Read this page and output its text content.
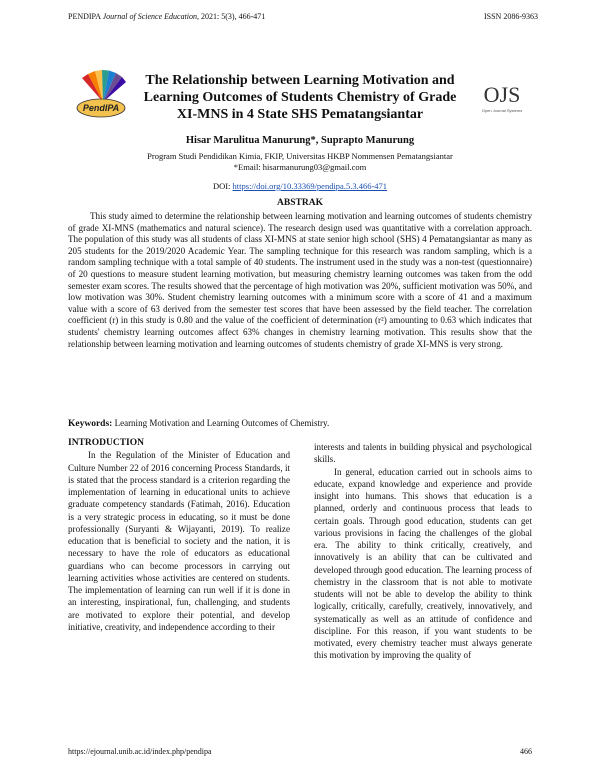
PENDIPA Journal of Science Education, 2021: 5(3), 466-471	ISSN 2086-9363
PendIPA
OJS
Open Journal Systems
The Relationship between Learning Motivation and Learning Outcomes of Students Chemistry of Grade XI-MNS in 4 State SHS Pematangsiantar
Hisar Marulitua Manurung*, Suprapto Manurung
Program Studi Pendidikan Kimia, FKIP, Universitas HKBP Nommensen Pematangsiantar
*Email: hisarmanurung03@gmail.com
DOI: https://doi.org/10.33369/pendipa.5.3.466-471
ABSTRAK

This study aimed to determine the relationship between learning motivation and learning outcomes of students chemistry of grade XI-MNS (mathematics and natural science). The research design used was quantitative with a correlation approach. The population of this study was all students of class XI-MNS at state senior high school (SHS) 4 Pematangsiantar as many as 205 students for the 2019/2020 Academic Year. The sampling technique for this research was random sampling, which is a random sampling technique with a total sample of 40 students. The instrument used in the study was a non-test (questionnaire) of 20 questions to measure student learning motivation, but measuring chemistry learning outcomes was taken from the odd semester exam scores. The results showed that the percentage of high motivation was 20%, sufficient motivation was 50%, and low motivation was 30%. Student chemistry learning outcomes with a minimum score with a score of 41 and a maximum value with a score of 63 derived from the semester test scores that have been assessed by the field teacher. The correlation coefficient (r) in this study is 0.80 and the value of the coefficient of determination (r²) amounting to 0.63 which indicates that students' chemistry learning outcomes affect 63% changes in chemistry learning motivation. This results show that the relationship between learning motivation and learning outcomes of students chemistry of grade XI-MNS is very strong.

Keywords: Learning Motivation and Learning Outcomes of Chemistry.

INTRODUCTION

In the Regulation of the Minister of Education and Culture Number 22 of 2016 concerning Process Standards, it is stated that the process standard is a criterion regarding the implementation of learning in educational units to achieve graduate competency standards (Fatimah, 2016). Education is a very strategic process in educating, so it must be done professionally (Suryanti & Wijayanti, 2019). To realize education that is beneficial to society and the nation, it is necessary to have the role of educators as educational guardians who can become processors in carrying out learning activities whose activities are centered on students. The implementation of learning can run well if it is done in an interesting, inspirational, fun, challenging, and students are motivated to explore their potential, and develop initiative, creativity, and independence according to their

interests and talents in building physical and psychological skills.

In general, education carried out in schools aims to educate, expand knowledge and experience and provide insight into humans. This shows that education is a planned, orderly and continuous process that leads to certain goals. Through good education, students can get various provisions in facing the challenges of the global era. The ability to think critically, creatively, and innovatively is an ability that can be cultivated and developed through good education. The learning process of chemistry in the classroom that is not able to motivate students will not be able to develop the ability to think logically, critically, carefully, creatively, innovatively, and systematically as well as an attitude of confidence and discipline. For this reason, if you want students to be motivated, every chemistry teacher must always generate this motivation by improving the quality of

https://ejournal.unib.ac.id/index.php/pendipa	466
